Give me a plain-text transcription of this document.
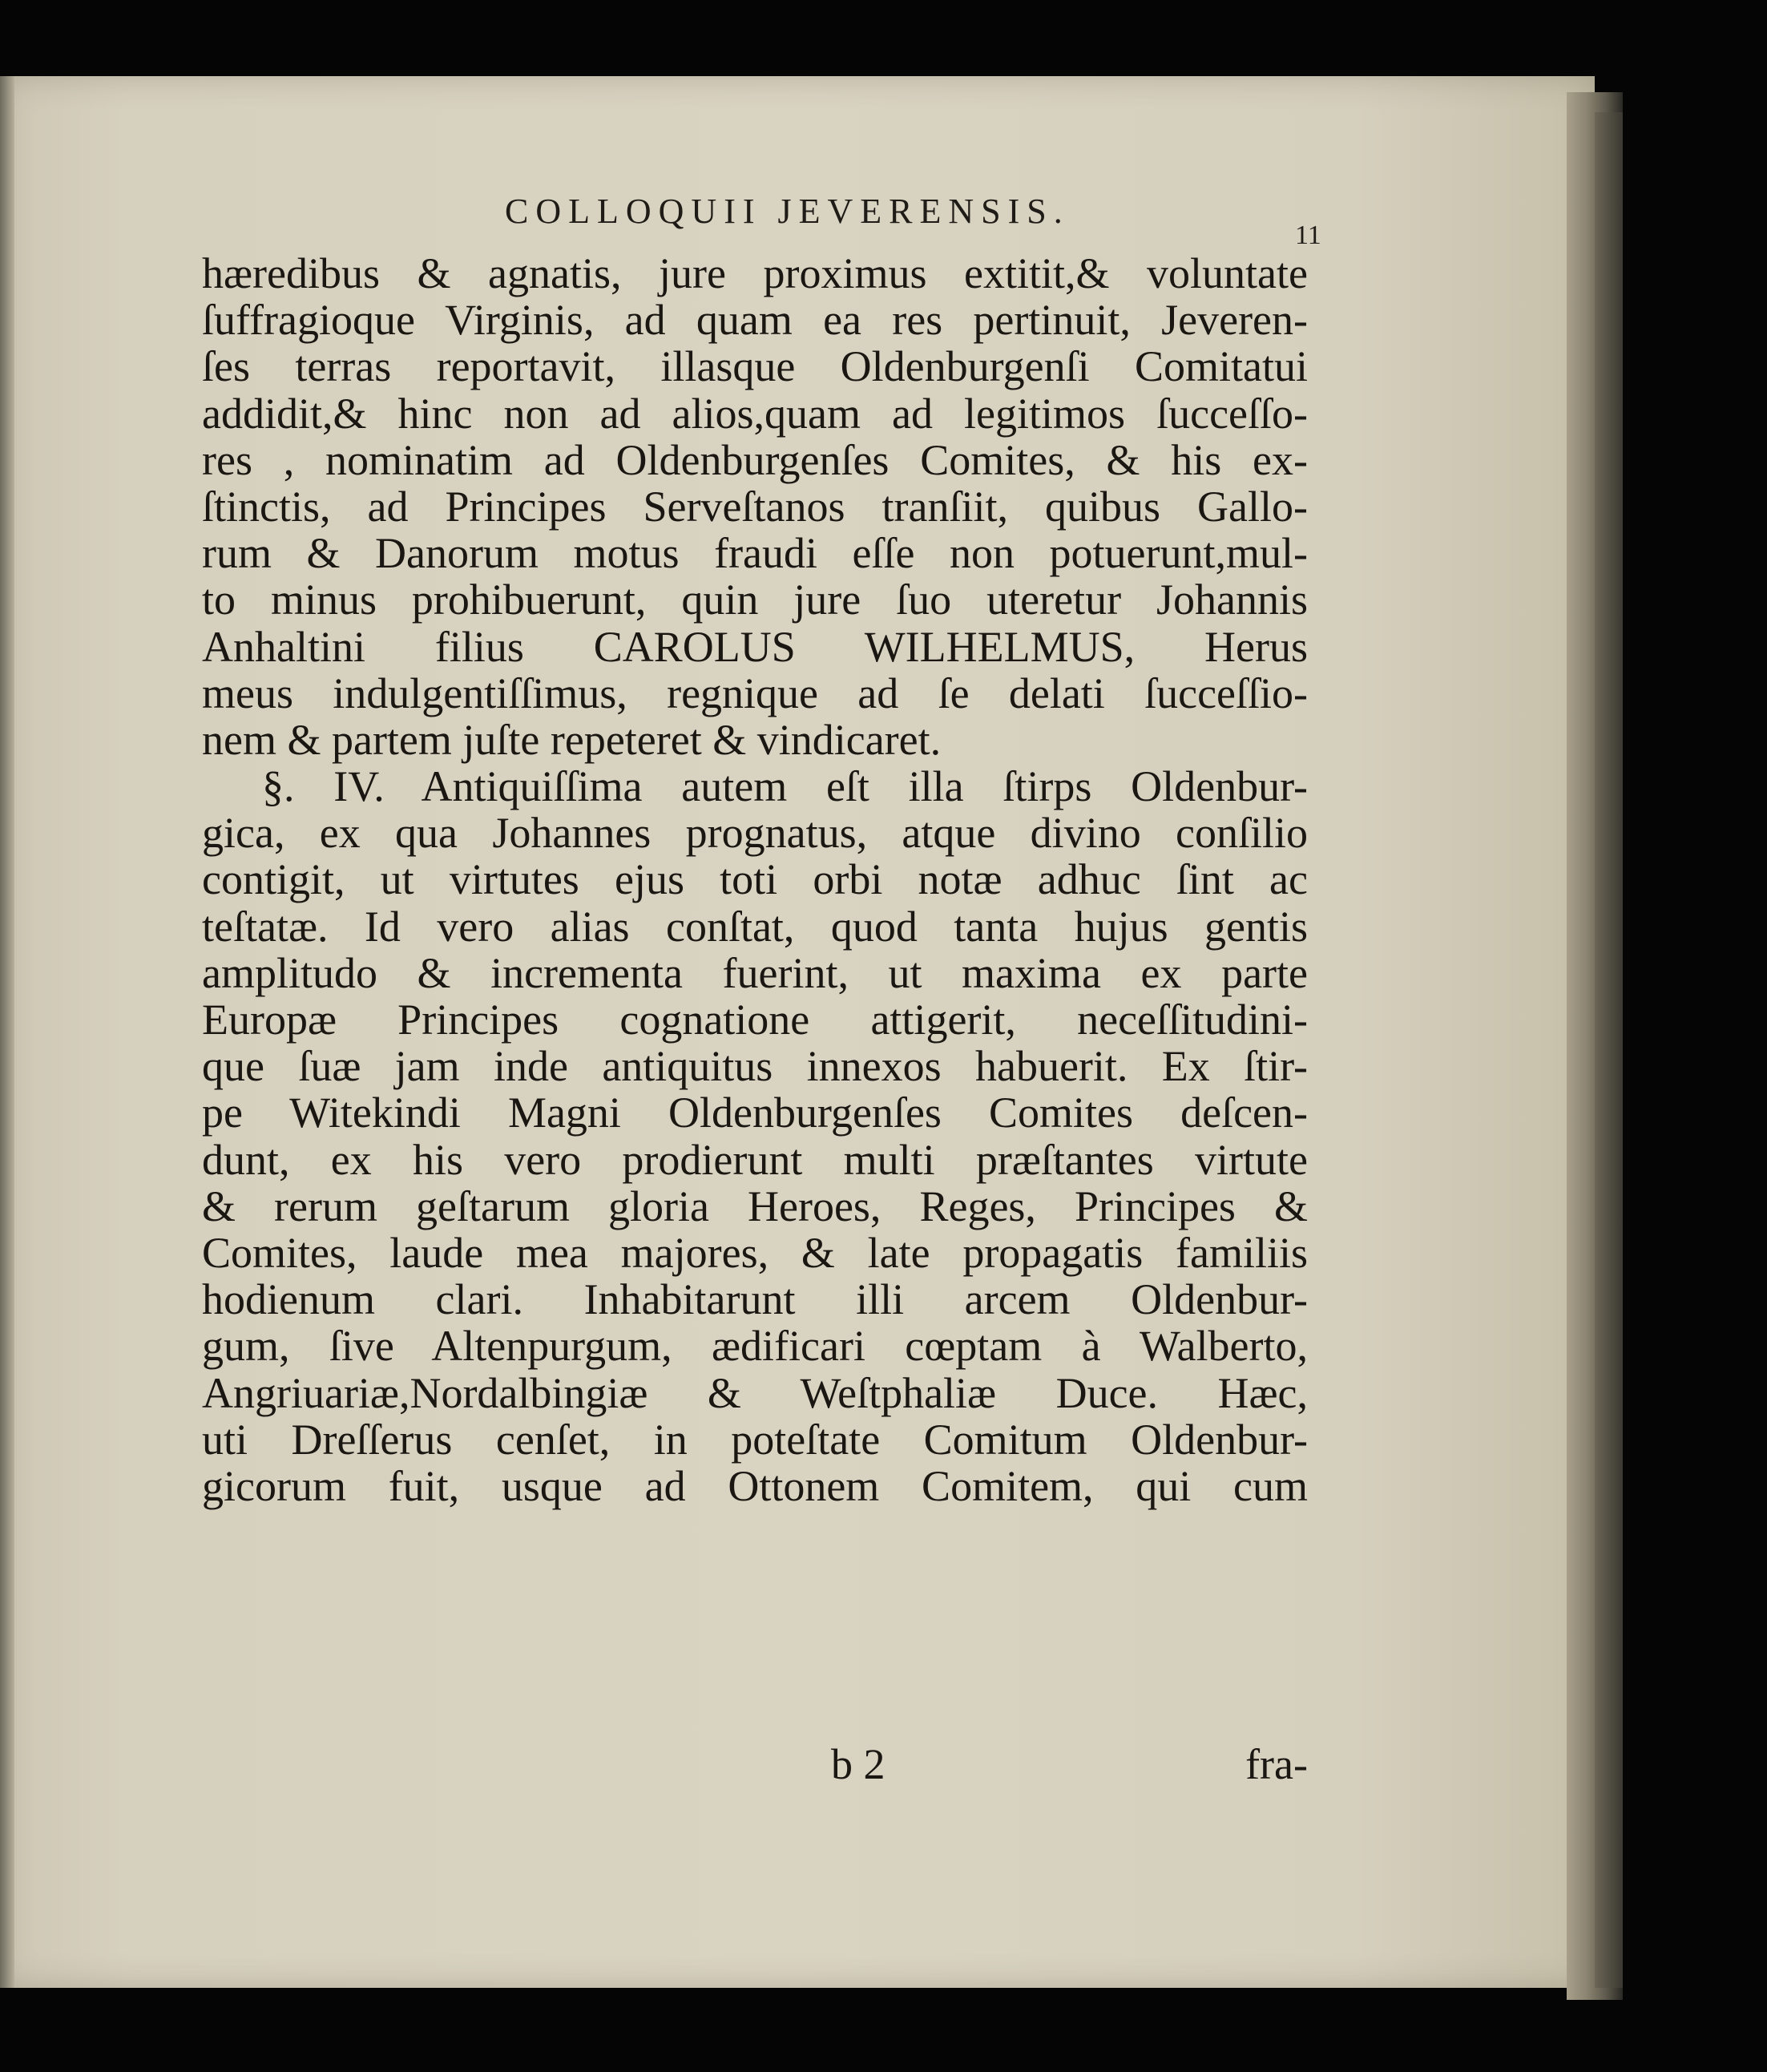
COLLOQUII JEVERENSIS.
11
hæredibus & agnatis, jure proximus extitit,& voluntate
ſuffragioque Virginis, ad quam ea res pertinuit, Jeveren-
ſes terras reportavit, illasque Oldenburgenſi Comitatui
addidit,& hinc non ad alios,quam ad legitimos ſucceſſo-
res , nominatim ad Oldenburgenſes Comites, & his ex-
ſtinctis, ad Principes Serveſtanos tranſiit, quibus Gallo-
rum & Danorum motus fraudi eſſe non potuerunt,mul-
to minus prohibuerunt, quin jure ſuo uteretur Johannis
Anhaltini filius CAROLUS WILHELMUS, Herus
meus indulgentiſſimus, regnique ad ſe delati ſucceſſio-
nem & partem juſte repeteret & vindicaret.
§. IV. Antiquiſſima autem eſt illa ſtirps Oldenbur-
gica, ex qua Johannes prognatus, atque divino conſilio
contigit, ut virtutes ejus toti orbi notæ adhuc ſint ac
teſtatæ. Id vero alias conſtat, quod tanta hujus gentis
amplitudo & incrementa fuerint, ut maxima ex parte
Europæ Principes cognatione attigerit, neceſſitudini-
que ſuæ jam inde antiquitus innexos habuerit. Ex ſtir-
pe Witekindi Magni Oldenburgenſes Comites deſcen-
dunt, ex his vero prodierunt multi præſtantes virtute
& rerum geſtarum gloria Heroes, Reges, Principes &
Comites, laude mea majores, & late propagatis familiis
hodienum clari. Inhabitarunt illi arcem Oldenbur-
gum, ſive Altenpurgum, ædificari cœptam à Walberto,
Angriuariæ,Nordalbingiæ & Weſtphaliæ Duce. Hæc,
uti Dreſſerus cenſet, in poteſtate Comitum Oldenbur-
gicorum fuit, usque ad Ottonem Comitem, qui cum
b 2	fra-
